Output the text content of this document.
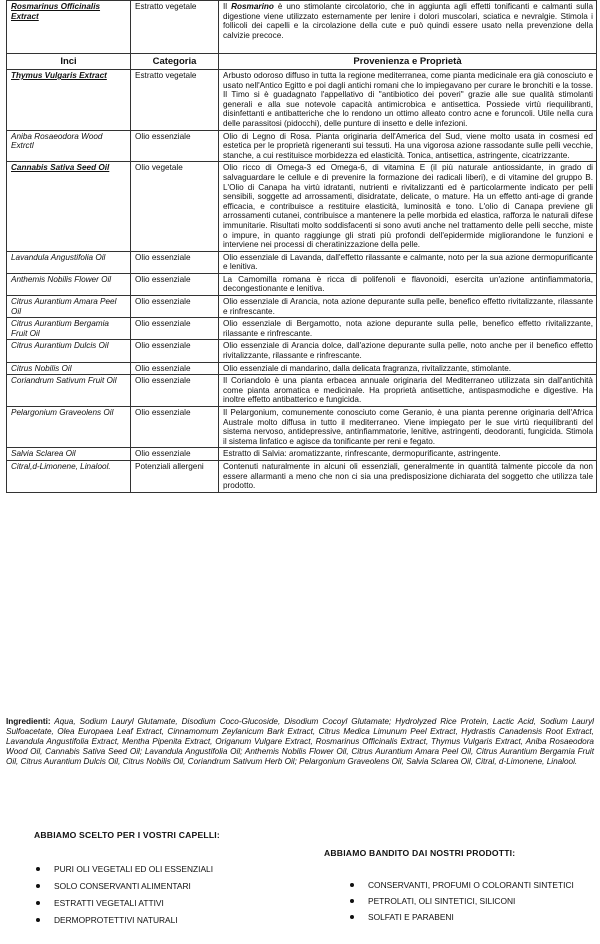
Rosmarinus Officinalis Extract	Estratto vegetale	Il Rosmarino è uno stimolante circolatorio, che in aggiunta agli effetti tonificanti e calmanti sulla digestione viene utilizzato esternamente per lenire i dolori muscolari, sciatica e nevralgie. Stimola i follicoli dei capelli e la circolazione della cute e può quindi essere usato nella prevenzione della calvizie precoce.
Inci	Categoria	Provenienza e Proprietà
Thymus Vulgaris Extract	Estratto vegetale	Arbusto odoroso diffuso in tutta la regione mediterranea, come pianta medicinale era già conosciuto e usato nell'Antico Egitto e poi dagli antichi romani che lo impiegavano per curare le bronchiti e la tosse. Il Timo si è guadagnato l'appellativo di "antibiotico dei poveri" grazie alle sue qualità stimolanti generali e alla sue notevole capacità antimicrobica e antisettica. Possiede virtù riequilibranti, disinfettanti e antibatteriche che lo rendono un ottimo alleato contro acne e foruncoli. Utile nella cura delle parassitosi (pidocchi), delle punture di insetto e delle infezioni.
Aniba Rosaeodora Wood Extrctl	Olio essenziale	Olio di Legno di Rosa. Pianta originaria dell'America del Sud, viene molto usata in cosmesi ed estetica per le proprietà rigeneranti sui tessuti. Ha una vigorosa azione rassodante sulle pelli vecchie, stanche, a cui restituisce morbidezza ed elasticità. Tonica, antisettica, astringente, cicatrizzante.
Cannabis Sativa Seed Oil	Olio vegetale	Olio ricco di Omega-3 ed Omega-6, di vitamina E (il più naturale antiossidante, in grado di salvaguardare le cellule e di prevenire la formazione dei radicali liberi), e di vitamine del gruppo B. L'Olio di Canapa ha virtù idratanti, nutrienti e rivitalizzanti ed è particolarmente indicato per pelli sensibili, soggette ad arrossamenti, disidratate, delicate, o mature. Ha un effetto anti-age di grande efficacia, e contribuisce a restituire elasticità, luminosità e tono. L'olio di Canapa previene gli arrossamenti cutanei, contribuisce a mantenere la pelle morbida ed elastica, rafforza le naturali difese immunitarie. Risultati molto soddisfacenti si sono avuti anche nel trattamento delle pelli secche, miste o impure, in quanto raggiunge gli strati più profondi dell'epidermide migliorandone le funzioni e interviene nei processi di cheratinizzazione della pelle.
Lavandula Angustifolia Oil	Olio essenziale	Olio essenziale di Lavanda, dall'effetto rilassante e calmante, noto per la sua azione dermopurificante e lenitiva.
Anthemis Nobilis Flower Oil	Olio essenziale	La Camomilla romana è ricca di polifenoli e flavonoidi, esercita un'azione antinfiammatoria, decongestionante e lenitiva.
Citrus Aurantium Amara Peel Oil	Olio essenziale	Olio essenziale di Arancia, nota azione depurante sulla pelle, benefico effetto rivitalizzante, rilassante e rinfrescante.
Citrus Aurantium Bergamia Fruit Oil	Olio essenziale	Olio essenziale di Bergamotto, nota azione depurante sulla pelle, benefico effetto rivitalizzante, rilassante e rinfrescante.
Citrus Aurantium Dulcis Oil	Olio essenziale	Olio essenziale di Arancia dolce, dall'azione depurante sulla pelle, noto anche per il benefico effetto rivitalizzante, rilassante e rinfrescante.
Citrus Nobilis Oil	Olio essenziale	Olio essenziale di mandarino, dalla delicata fragranza, rivitalizzante, stimolante.
Coriandrum Sativum Fruit Oil	Olio essenziale	Il Coriandolo è una pianta erbacea annuale originaria del Mediterraneo utilizzata sin dall'antichità come pianta aromatica e medicinale. Ha proprietà antisettiche, antispasmodiche e digestive. Ha inoltre effetto antibatterico e fungicida.
Pelargonium Graveolens Oil	Olio essenziale	Il Pelargonium, comunemente conosciuto come Geranio, è una pianta perenne originaria dell'Africa Australe molto diffusa in tutto il mediterraneo. Viene impiegato per le sue virtù riequilibranti del sistema nervoso, antidepressive, antinfiammatorie, lenitive, astringenti, deodoranti, fungicida. Stimola il sistema linfatico e agisce da tonificante per reni e fegato.
Salvia Sclarea Oil	Olio essenziale	Estratto di Salvia: aromatizzante, rinfrescante, dermopurificante, astringente.
Citral,d-Limonene, Linalool.	Potenziali allergeni	Contenuti naturalmente in alcuni oli essenziali, generalmente in quantità talmente piccole da non essere allarmanti a meno che non ci sia una predisposizione dichiarata del soggetto che utilizza tale prodotto.
Ingredienti: Aqua, Sodium Lauryl Glutamate, Disodium Coco-Glucoside, Disodium Cocoyl Glutamate; Hydrolyzed Rice Protein, Lactic Acid, Sodium Lauryl Sulfoacetate, Olea Europaea Leaf Extract, Cinnamomum Zeylanicum Bark Extract, Citrus Medica Limunum Peel Extract, Hydrastis Canadensis Root Extract, Lavandula Angustifolia Extract, Mentha Pipenita Extract, Origanum Vulgare Extract, Rosmarinus Officinalis Extract, Thymus Vulgaris Extract, Aniba Rosaeodora Wood Oil, Cannabis Sativa Seed Oil; Lavandula Angustifolia Oil; Anthemis Nobilis Flower Oil, Citrus Aurantium Amara Peel Oil, Citrus Aurantium Bergamia Fruit Oil, Citrus Aurantium Dulcis Oil, Citrus Nobilis Oil, Coriandrum Sativum Herb Oil; Pelargonium Graveolens Oil, Salvia Sclarea Oil, Citral, d-Limonene, Linalool.
ABBIAMO SCELTO PER I VOSTRI CAPELLI:
PURI OLI VEGETALI ED OLI ESSENZIALI
SOLO CONSERVANTI ALIMENTARI
ESTRATTI VEGETALI ATTIVI
DERMOPROTETTIVI NATURALI
ABBIAMO BANDITO DAI NOSTRI PRODOTTI:
CONSERVANTI, PROFUMI O COLORANTI SINTETICI
PETROLATI, OLI SINTETICI, SILICONI
SOLFATI E PARABENI
